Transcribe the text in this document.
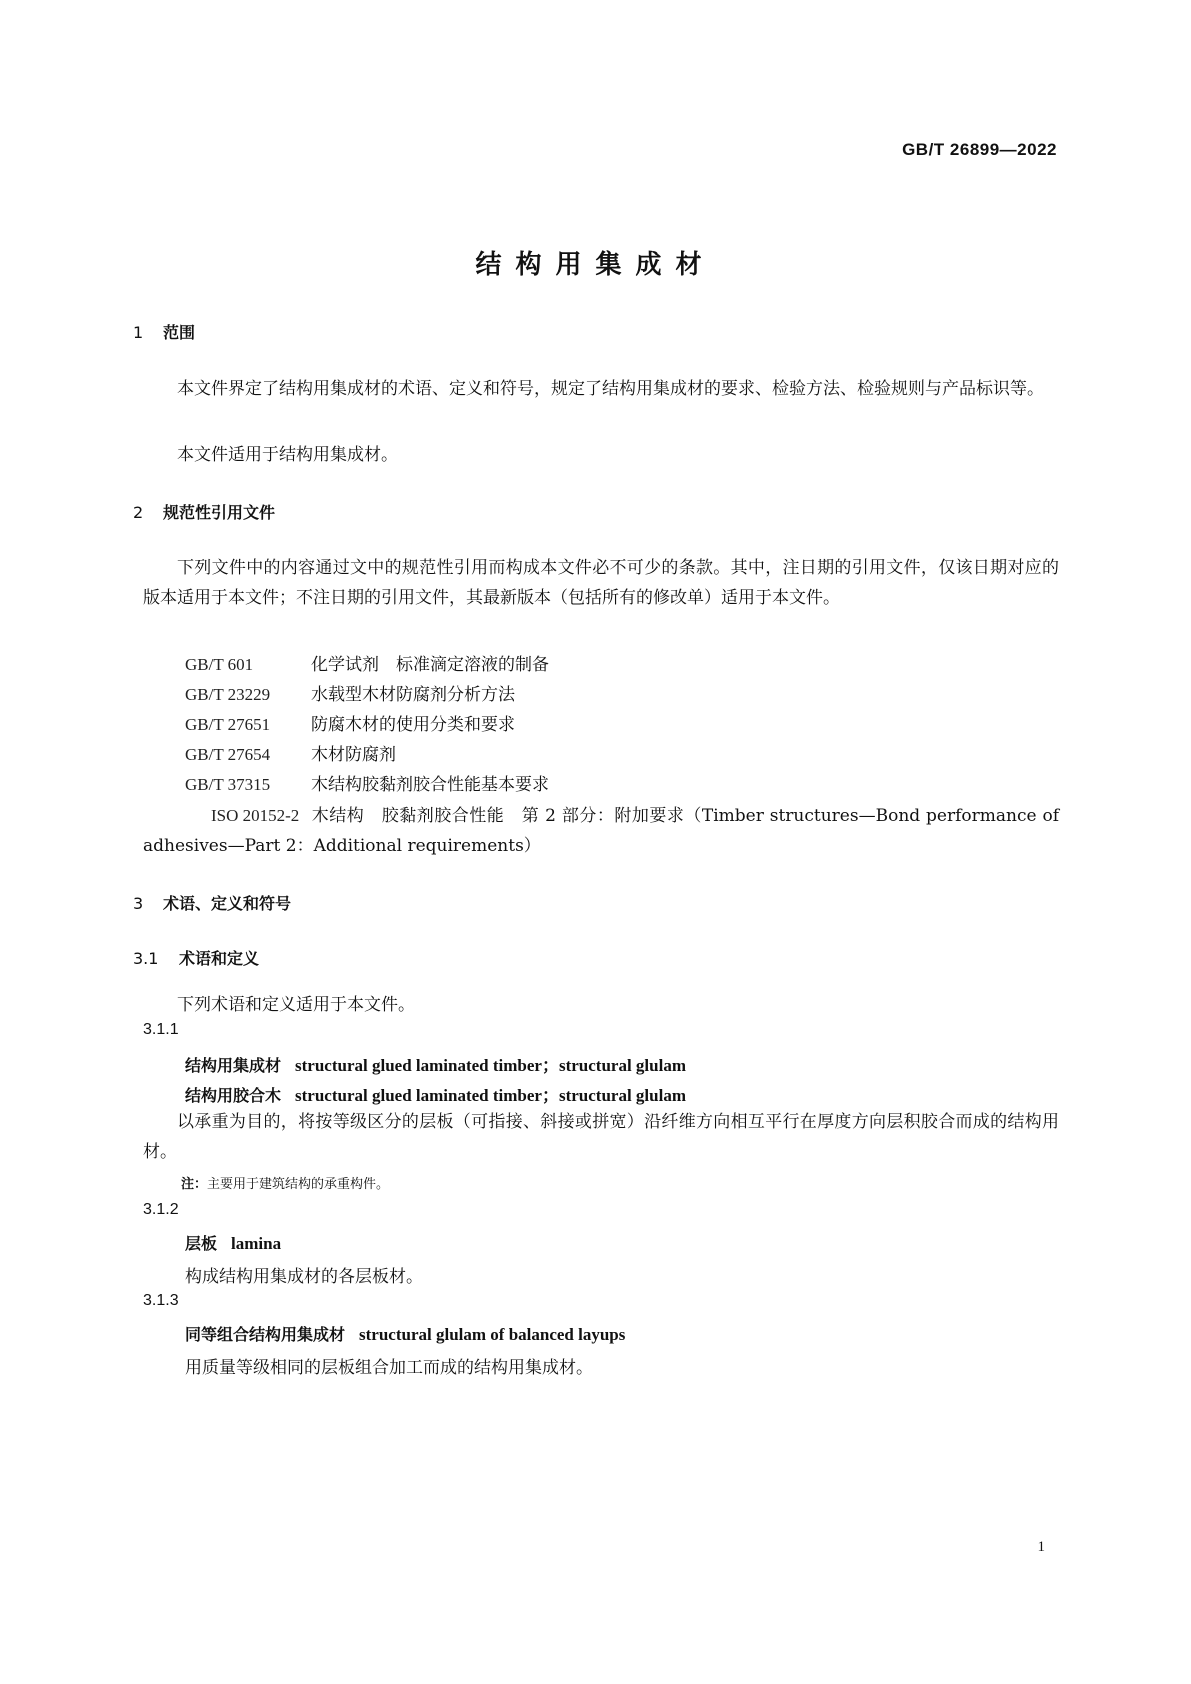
GB/T 26899—2022
结构用集成材
1 范围
本文件界定了结构用集成材的术语、定义和符号，规定了结构用集成材的要求、检验方法、检验规则与产品标识等。
本文件适用于结构用集成材。
2 规范性引用文件
下列文件中的内容通过文中的规范性引用而构成本文件必不可少的条款。其中，注日期的引用文件，仅该日期对应的版本适用于本文件；不注日期的引用文件，其最新版本（包括所有的修改单）适用于本文件。
GB/T 601	化学试剂　标准滴定溶液的制备
GB/T 23229 水载型木材防腐剂分析方法
GB/T 27651 防腐木材的使用分类和要求
GB/T 27654 木材防腐剂
GB/T 37315 木结构胶黏剂胶合性能基本要求
ISO 20152-2 木结构　胶黏剂胶合性能　第 2 部分：附加要求（Timber structures—Bond performance of adhesives—Part 2：Additional requirements）
3 术语、定义和符号
3.1 术语和定义
下列术语和定义适用于本文件。
3.1.1
结构用集成材 structural glued laminated timber；structural glulam
结构用胶合木 structural glued laminated timber；structural glulam
以承重为目的，将按等级区分的层板（可指接、斜接或拼宽）沿纤维方向相互平行在厚度方向层积胶合而成的结构用材。
注：主要用于建筑结构的承重构件。
3.1.2
层板 lamina
构成结构用集成材的各层板材。
3.1.3
同等组合结构用集成材 structural glulam of balanced layups
用质量等级相同的层板组合加工而成的结构用集成材。
1
